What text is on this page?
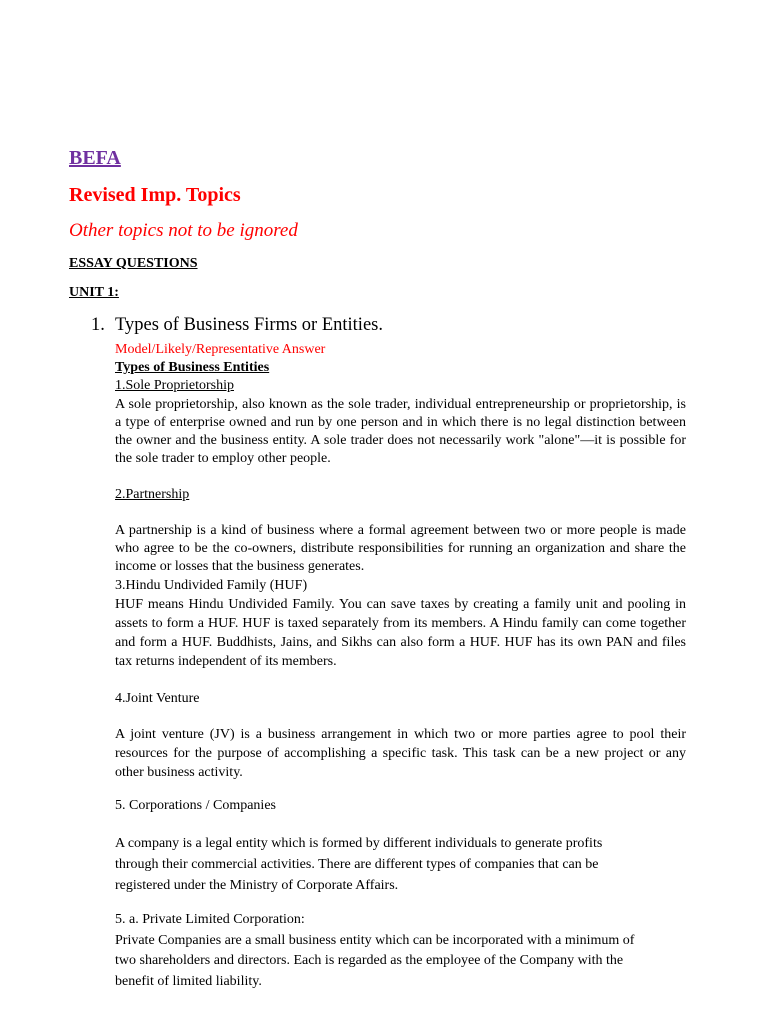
BEFA
Revised Imp. Topics
Other topics not to be ignored
ESSAY QUESTIONS
UNIT 1:
1. Types of Business Firms or Entities.
Model/Likely/Representative Answer
Types of Business Entities
1.Sole Proprietorship
A sole proprietorship, also known as the sole trader, individual entrepreneurship or proprietorship, is a type of enterprise owned and run by one person and in which there is no legal distinction between the owner and the business entity. A sole trader does not necessarily work "alone"—it is possible for the sole trader to employ other people.
2.Partnership
A partnership is a kind of business where a formal agreement between two or more people is made who agree to be the co-owners, distribute responsibilities for running an organization and share the income or losses that the business generates.
3.Hindu Undivided Family (HUF)
HUF means Hindu Undivided Family. You can save taxes by creating a family unit and pooling in assets to form a HUF. HUF is taxed separately from its members. A Hindu family can come together and form a HUF. Buddhists, Jains, and Sikhs can also form a HUF. HUF has its own PAN and files tax returns independent of its members.
4.Joint Venture
A joint venture (JV) is a business arrangement in which two or more parties agree to pool their resources for the purpose of accomplishing a specific task. This task can be a new project or any other business activity.
5. Corporations / Companies
A company is a legal entity which is formed by different individuals to generate profits
through their commercial activities. There are different types of companies that can be
registered under the Ministry of Corporate Affairs.
5. a. Private Limited Corporation:
Private Companies are a small business entity which can be incorporated with a minimum of
two shareholders and directors. Each is regarded as the employee of the Company with the
benefit of limited liability.
